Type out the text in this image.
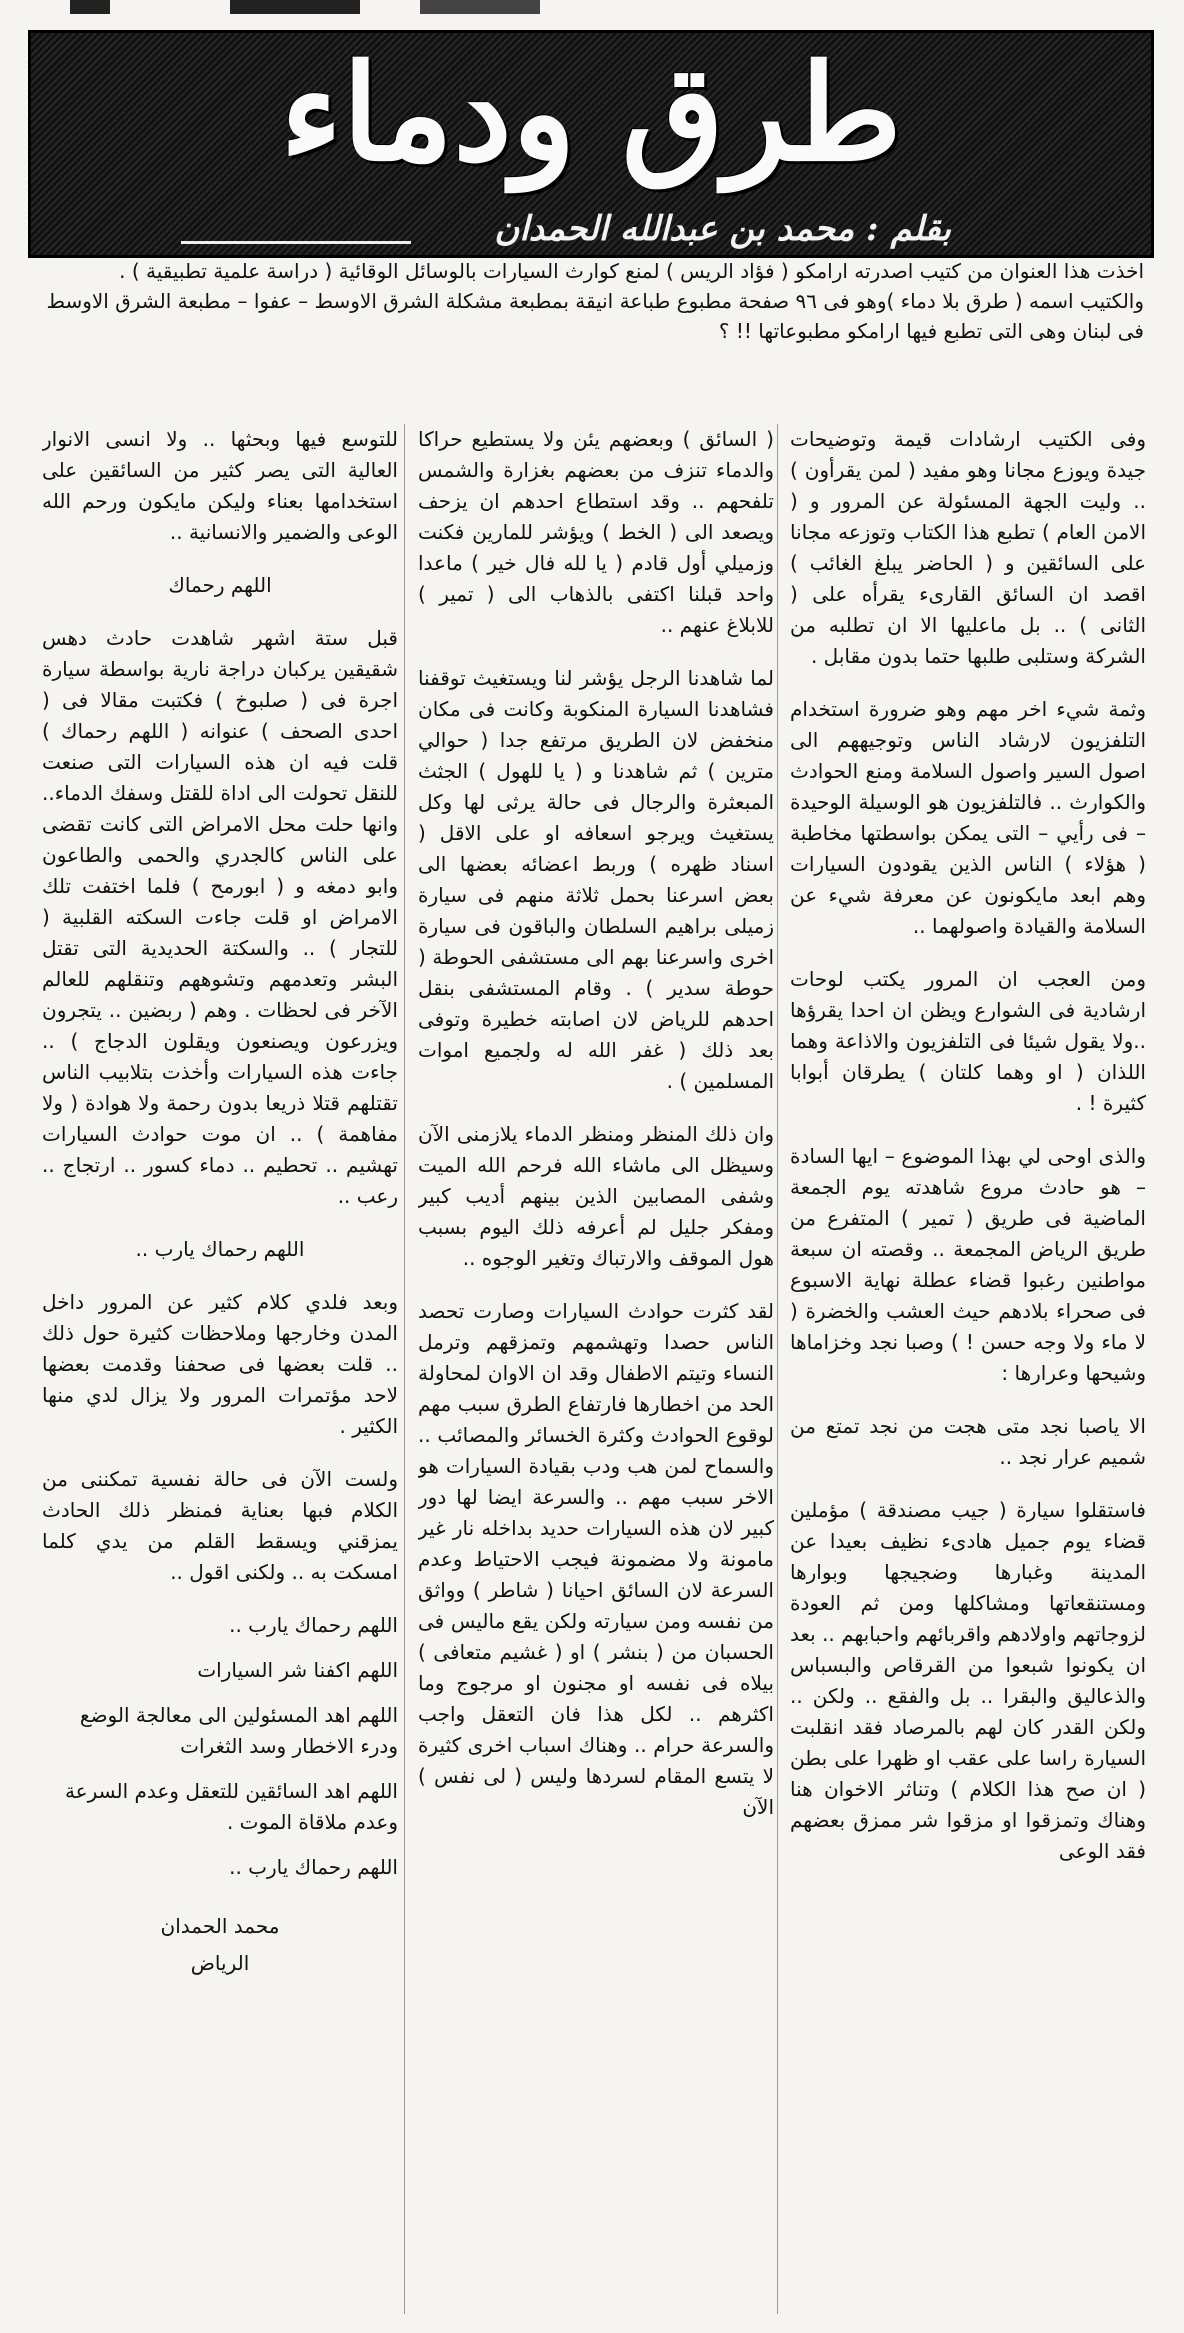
طرق ودماء
بقلم : محمد بن عبدالله الحمدان

اخذت هذا العنوان من كتيب اصدرته ارامكو ( فؤاد الريس ) لمنع كوارث السيارات بالوسائل الوقائية ( دراسة علمية تطبيقية ) .

والكتيب اسمه ( طرق بلا دماء )وهو فى ٩٦ صفحة مطبوع طباعة انيقة بمطبعة مشكلة الشرق الاوسط – عفوا – مطبعة الشرق الاوسط فى لبنان وهى التى تطبع فيها ارامكو مطبوعاتها !! ؟

وفى الكتيب ارشادات قيمة وتوضيحات جيدة ويوزع مجانا وهو مفيد ( لمن يقرأون ) .. وليت الجهة المسئولة عن المرور و ( الامن العام ) تطبع هذا الكتاب وتوزعه مجانا على السائقين و ( الحاضر يبلغ الغائب ) اقصد ان السائق القارىء يقرأه على ( الثانى ) .. بل ماعليها الا ان تطلبه من الشركة وستلبى طلبها حتما بدون مقابل .

وثمة شيء اخر مهم وهو ضرورة استخدام التلفزيون لارشاد الناس وتوجيههم الى اصول السير واصول السلامة ومنع الحوادث والكوارث .. فالتلفزيون هو الوسيلة الوحيدة – فى رأيي – التى يمكن بواسطتها مخاطبة ( هؤلاء ) الناس الذين يقودون السيارات وهم ابعد مايكونون عن معرفة شيء عن السلامة والقيادة واصولهما ..

ومن العجب ان المرور يكتب لوحات ارشادية فى الشوارع ويظن ان احدا يقرؤها ..ولا يقول شيئا فى التلفزيون والاذاعة وهما اللذان ( او وهما كلتان ) يطرقان أبوابا كثيرة ! .

والذى اوحى لي بهذا الموضوع – ايها السادة – هو حادث مروع شاهدته يوم الجمعة الماضية فى طريق ( تمير ) المتفرع من طريق الرياض المجمعة .. وقصته ان سبعة مواطنين رغبوا قضاء عطلة نهاية الاسبوع فى صحراء بلادهم حيث العشب والخضرة ( لا ماء ولا وجه حسن ! ) وصبا نجد وخزاماها وشيحها وعرارها :

الا ياصبا نجد متى هجت من نجد تمتع من شميم عرار نجد ..

فاستقلوا سيارة ( جيب مصندقة ) مؤملين قضاء يوم جميل هادىء نظيف بعيدا عن المدينة وغبارها وضجيجها وبوارها ومستنقعاتها ومشاكلها ومن ثم العودة لزوجاتهم واولادهم واقربائهم واحبابهم .. بعد ان يكونوا شبعوا من القرقاص والبسباس والذعاليق والبقرا .. بل والفقع .. ولكن .. ولكن القدر كان لهم بالمرصاد فقد انقلبت السيارة راسا على عقب او ظهرا على بطن ( ان صح هذا الكلام ) وتناثر الاخوان هنا وهناك وتمزقوا او مزقوا شر ممزق بعضهم فقد الوعى

( السائق ) وبعضهم يئن ولا يستطيع حراكا والدماء تنزف من بعضهم بغزارة والشمس تلفحهم .. وقد استطاع احدهم ان يزحف ويصعد الى ( الخط ) ويؤشر للمارين فكنت وزميلي أول قادم ( يا لله فال خير ) ماعدا واحد قبلنا اكتفى بالذهاب الى ( تمير ) للابلاغ عنهم ..

لما شاهدنا الرجل يؤشر لنا ويستغيث توقفنا فشاهدنا السيارة المنكوبة وكانت فى مكان منخفض لان الطريق مرتفع جدا ( حوالي مترين ) ثم شاهدنا و ( يا للهول ) الجثث المبعثرة والرجال فى حالة يرثى لها وكل يستغيث ويرجو اسعافه او على الاقل ( اسناد ظهره ) وربط اعضائه بعضها الى بعض اسرعنا بحمل ثلاثة منهم فى سيارة زميلى براهيم السلطان والباقون فى سيارة اخرى واسرعنا بهم الى مستشفى الحوطة ( حوطة سدير ) . وقام المستشفى بنقل احدهم للرياض لان اصابته خطيرة وتوفى بعد ذلك ( غفر الله له ولجميع اموات المسلمين ) .

وان ذلك المنظر ومنظر الدماء يلازمنى الآن وسيظل الى ماشاء الله فرحم الله الميت وشفى المصابين الذين بينهم أديب كبير ومفكر جليل لم أعرفه ذلك اليوم بسبب هول الموقف والارتباك وتغير الوجوه ..

لقد كثرت حوادث السيارات وصارت تحصد الناس حصدا وتهشمهم وتمزقهم وترمل النساء وتيتم الاطفال وقد ان الاوان لمحاولة الحد من اخطارها فارتفاع الطرق سبب مهم لوقوع الحوادث وكثرة الخسائر والمصائب .. والسماح لمن هب ودب بقيادة السيارات هو الاخر سبب مهم .. والسرعة ايضا لها دور كبير لان هذه السيارات حديد بداخله نار غير مامونة ولا مضمونة فيجب الاحتياط وعدم السرعة لان السائق احيانا ( شاطر ) وواثق من نفسه ومن سيارته ولكن يقع ماليس فى الحسبان من ( بنشر ) او ( غشيم متعافى ) بيلاه فى نفسه او مجنون او مرجوج وما اكثرهم .. لكل هذا فان التعقل واجب والسرعة حرام .. وهناك اسباب اخرى كثيرة لا يتسع المقام لسردها وليس ( لى نفس ) الآن

للتوسع فيها وبحثها .. ولا انسى الانوار العالية التى يصر كثير من السائقين على استخدامها بعناء وليكن مايكون ورحم الله الوعى والضمير والانسانية ..

اللهم رحماك

قبل ستة اشهر شاهدت حادث دهس شقيقين يركبان دراجة نارية بواسطة سيارة اجرة فى ( صلبوخ ) فكتبت مقالا فى ( احدى الصحف ) عنوانه ( اللهم رحماك ) قلت فيه ان هذه السيارات التى صنعت للنقل تحولت الى اداة للقتل وسفك الدماء.. وانها حلت محل الامراض التى كانت تقضى على الناس كالجدري والحمى والطاعون وابو دمغه و ( ابورمح ) فلما اختفت تلك الامراض او قلت جاءت السكته القلبية ( للتجار ) .. والسكتة الحديدية التى تقتل البشر وتعدمهم وتشوههم وتنقلهم للعالم الآخر فى لحظات . وهم ( ربضين .. يتجرون ويزرعون ويصنعون ويقلون الدجاج ) .. جاءت هذه السيارات وأخذت بتلابيب الناس تقتلهم قتلا ذريعا بدون رحمة ولا هوادة ( ولا مفاهمة ) .. ان موت حوادث السيارات تهشيم .. تحطيم .. دماء كسور .. ارتجاج .. رعب ..

اللهم رحماك يارب ..

وبعد فلدي كلام كثير عن المرور داخل المدن وخارجها وملاحظات كثيرة حول ذلك .. قلت بعضها فى صحفنا وقدمت بعضها لاحد مؤتمرات المرور ولا يزال لدي منها الكثير .

ولست الآن فى حالة نفسية تمكننى من الكلام فبها بعناية فمنظر ذلك الحادث يمزقني ويسقط القلم من يدي كلما امسكت به .. ولكنى اقول ..

اللهم رحماك يارب ..

اللهم اكفنا شر السيارات

اللهم اهد المسئولين الى معالجة الوضع ودرء الاخطار وسد الثغرات

اللهم اهد السائقين للتعقل وعدم السرعة وعدم ملاقاة الموت .

اللهم رحماك يارب ..

محمد الحمدان

الرياض
